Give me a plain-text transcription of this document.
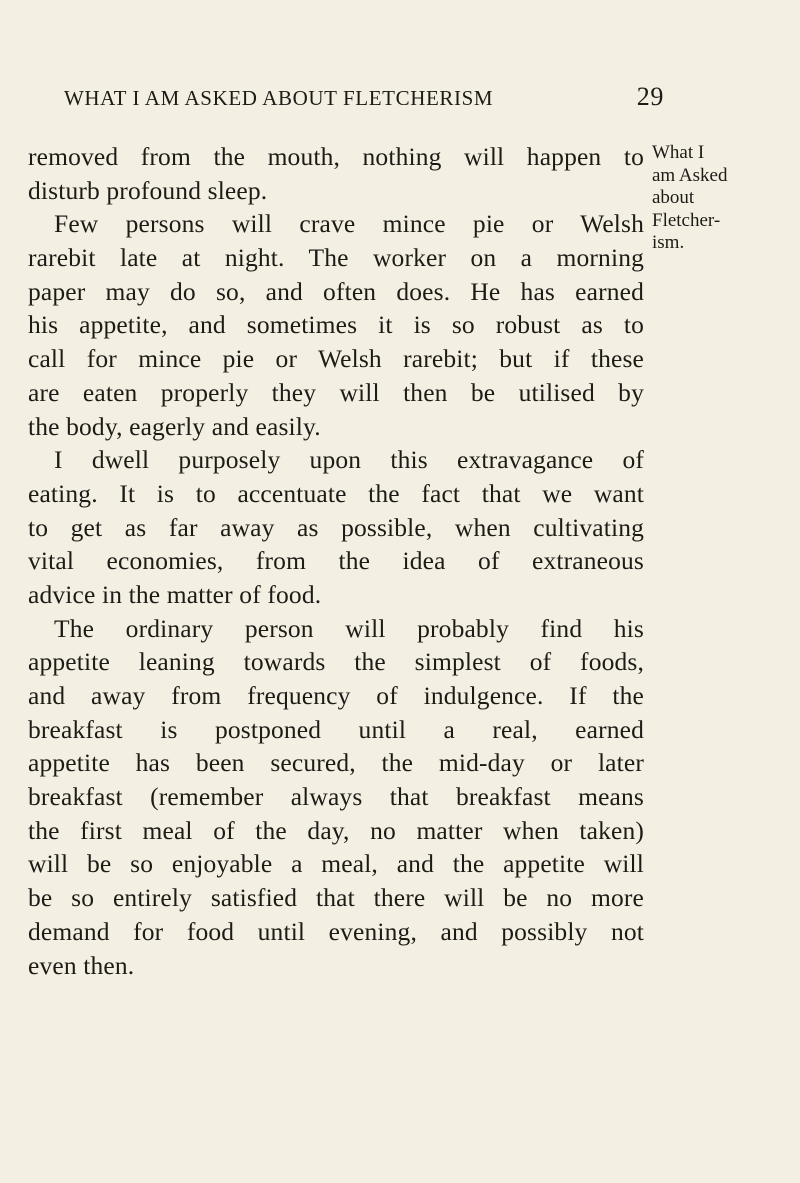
WHAT I AM ASKED ABOUT FLETCHERISM	29
What I
am Asked
about
Fletcher-
ism.
removed from the mouth, nothing will happen to
disturb profound sleep.
Few persons will crave mince pie or Welsh
rarebit late at night. The worker on a morning
paper may do so, and often does. He has earned
his appetite, and sometimes it is so robust as to
call for mince pie or Welsh rarebit; but if these
are eaten properly they will then be utilised by
the body, eagerly and easily.
I dwell purposely upon this extravagance of
eating. It is to accentuate the fact that we want
to get as far away as possible, when cultivating
vital economies, from the idea of extraneous
advice in the matter of food.
The ordinary person will probably find his
appetite leaning towards the simplest of foods,
and away from frequency of indulgence. If the
breakfast is postponed until a real, earned
appetite has been secured, the mid-day or later
breakfast (remember always that breakfast means
the first meal of the day, no matter when taken)
will be so enjoyable a meal, and the appetite will
be so entirely satisfied that there will be no more
demand for food until evening, and possibly not
even then.
